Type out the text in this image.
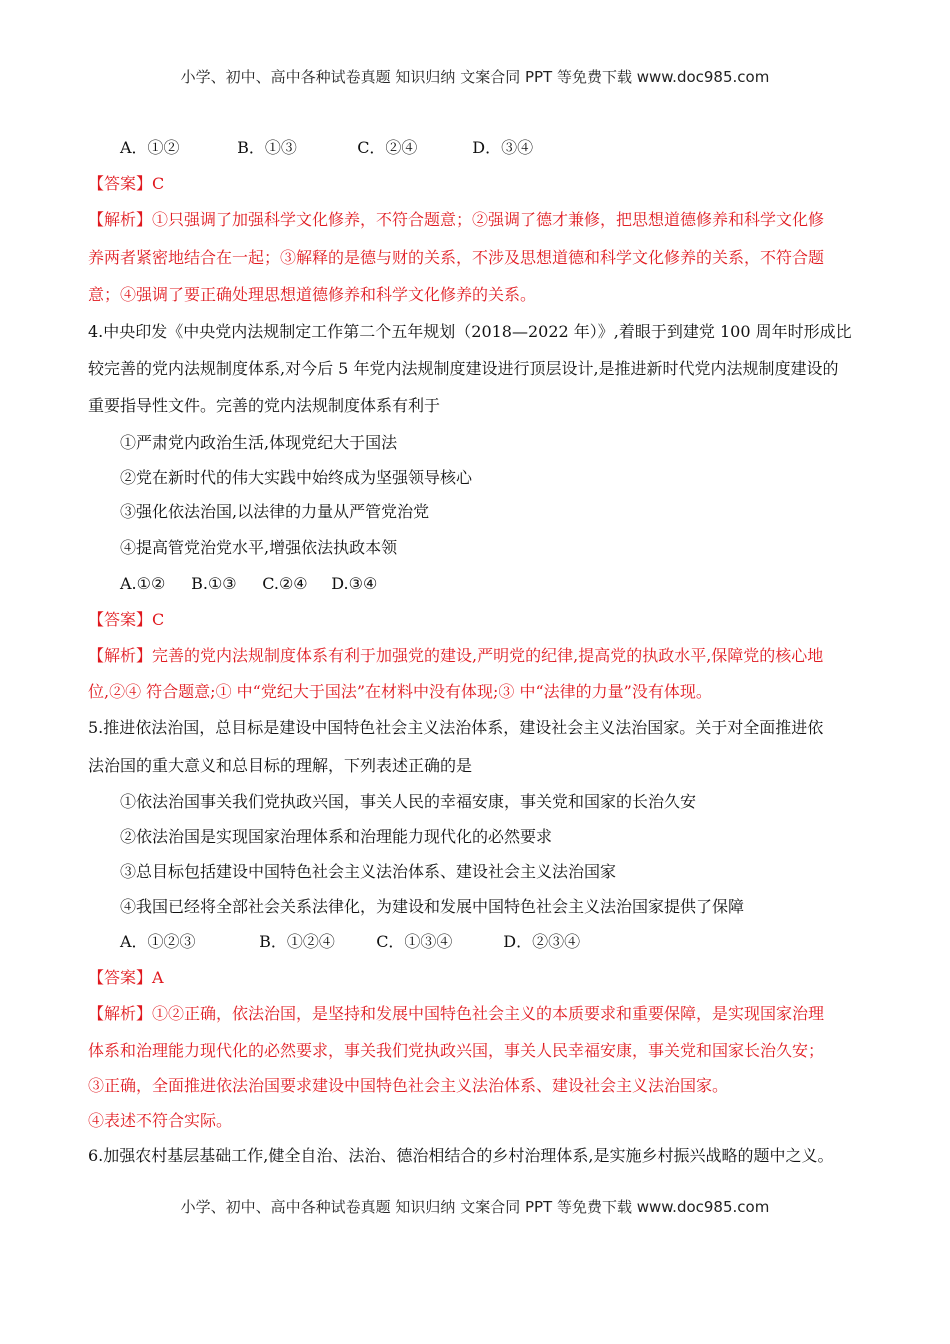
小学、初中、高中各种试卷真题 知识归纳 文案合同 PPT 等免费下载 www.doc985.com
A．①②	B．①③	C．②④	D．③④
【答案】C
【解析】①只强调了加强科学文化修养，不符合题意；②强调了德才兼修，把思想道德修养和科学文化修
养两者紧密地结合在一起；③解释的是德与财的关系，不涉及思想道德和科学文化修养的关系，不符合题
意；④强调了要正确处理思想道德修养和科学文化修养的关系。
4.中央印发《中央党内法规制定工作第二个五年规划（2018—2022 年）》,着眼于到建党 100 周年时形成比
较完善的党内法规制度体系,对今后 5 年党内法规制度建设进行顶层设计,是推进新时代党内法规制度建设的
重要指导性文件。完善的党内法规制度体系有利于
①严肃党内政治生活,体现党纪大于国法
②党在新时代的伟大实践中始终成为坚强领导核心
③强化依法治国,以法律的力量从严管党治党
④提高管党治党水平,增强依法执政本领
A.①② B.①③ C.②④ D.③④
【答案】C
【解析】完善的党内法规制度体系有利于加强党的建设,严明党的纪律,提高党的执政水平,保障党的核心地
位,②④ 符合题意;① 中“党纪大于国法”在材料中没有体现;③ 中“法律的力量”没有体现。
5.推进依法治国，总目标是建设中国特色社会主义法治体系，建设社会主义法治国家。关于对全面推进依
法治国的重大意义和总目标的理解，下列表述正确的是
①依法治国事关我们党执政兴国，事关人民的幸福安康，事关党和国家的长治久安
②依法治国是实现国家治理体系和治理能力现代化的必然要求
③总目标包括建设中国特色社会主义法治体系、建设社会主义法治国家
④我国已经将全部社会关系法律化，为建设和发展中国特色社会主义法治国家提供了保障
A．①②③	B．①②④	C．①③④	D．②③④
【答案】A
【解析】①②正确，依法治国，是坚持和发展中国特色社会主义的本质要求和重要保障，是实现国家治理
体系和治理能力现代化的必然要求，事关我们党执政兴国，事关人民幸福安康，事关党和国家长治久安；
③正确，全面推进依法治国要求建设中国特色社会主义法治体系、建设社会主义法治国家。
④表述不符合实际。
6.加强农村基层基础工作,健全自治、法治、德治相结合的乡村治理体系,是实施乡村振兴战略的题中之义。
小学、初中、高中各种试卷真题 知识归纳 文案合同 PPT 等免费下载 www.doc985.com
